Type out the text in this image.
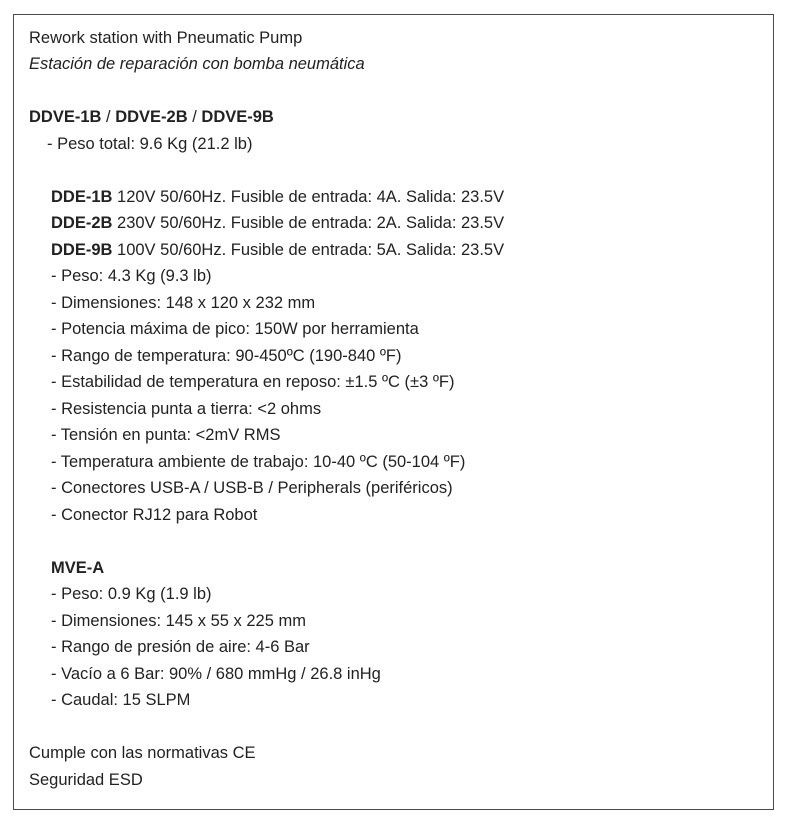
Rework station with Pneumatic Pump
Estación de reparación con bomba neumática
DDVE-1B / DDVE-2B / DDVE-9B
- Peso total: 9.6 Kg (21.2 lb)
DDE-1B 120V 50/60Hz. Fusible de entrada: 4A. Salida: 23.5V
DDE-2B 230V 50/60Hz. Fusible de entrada: 2A. Salida: 23.5V
DDE-9B 100V 50/60Hz. Fusible de entrada: 5A. Salida: 23.5V
- Peso: 4.3 Kg (9.3 lb)
- Dimensiones: 148 x 120 x 232 mm
- Potencia máxima de pico: 150W por herramienta
- Rango de temperatura: 90-450ºC (190-840 ºF)
- Estabilidad de temperatura en reposo: ±1.5 ºC (±3 ºF)
- Resistencia punta a tierra: <2 ohms
- Tensión en punta: <2mV RMS
- Temperatura ambiente de trabajo: 10-40 ºC (50-104 ºF)
- Conectores USB-A / USB-B / Peripherals (periféricos)
- Conector RJ12 para Robot
MVE-A
- Peso: 0.9 Kg (1.9 lb)
- Dimensiones: 145 x 55 x 225 mm
- Rango de presión de aire: 4-6 Bar
- Vacío a 6 Bar: 90% / 680 mmHg / 26.8 inHg
- Caudal: 15 SLPM
Cumple con las normativas CE
Seguridad ESD
